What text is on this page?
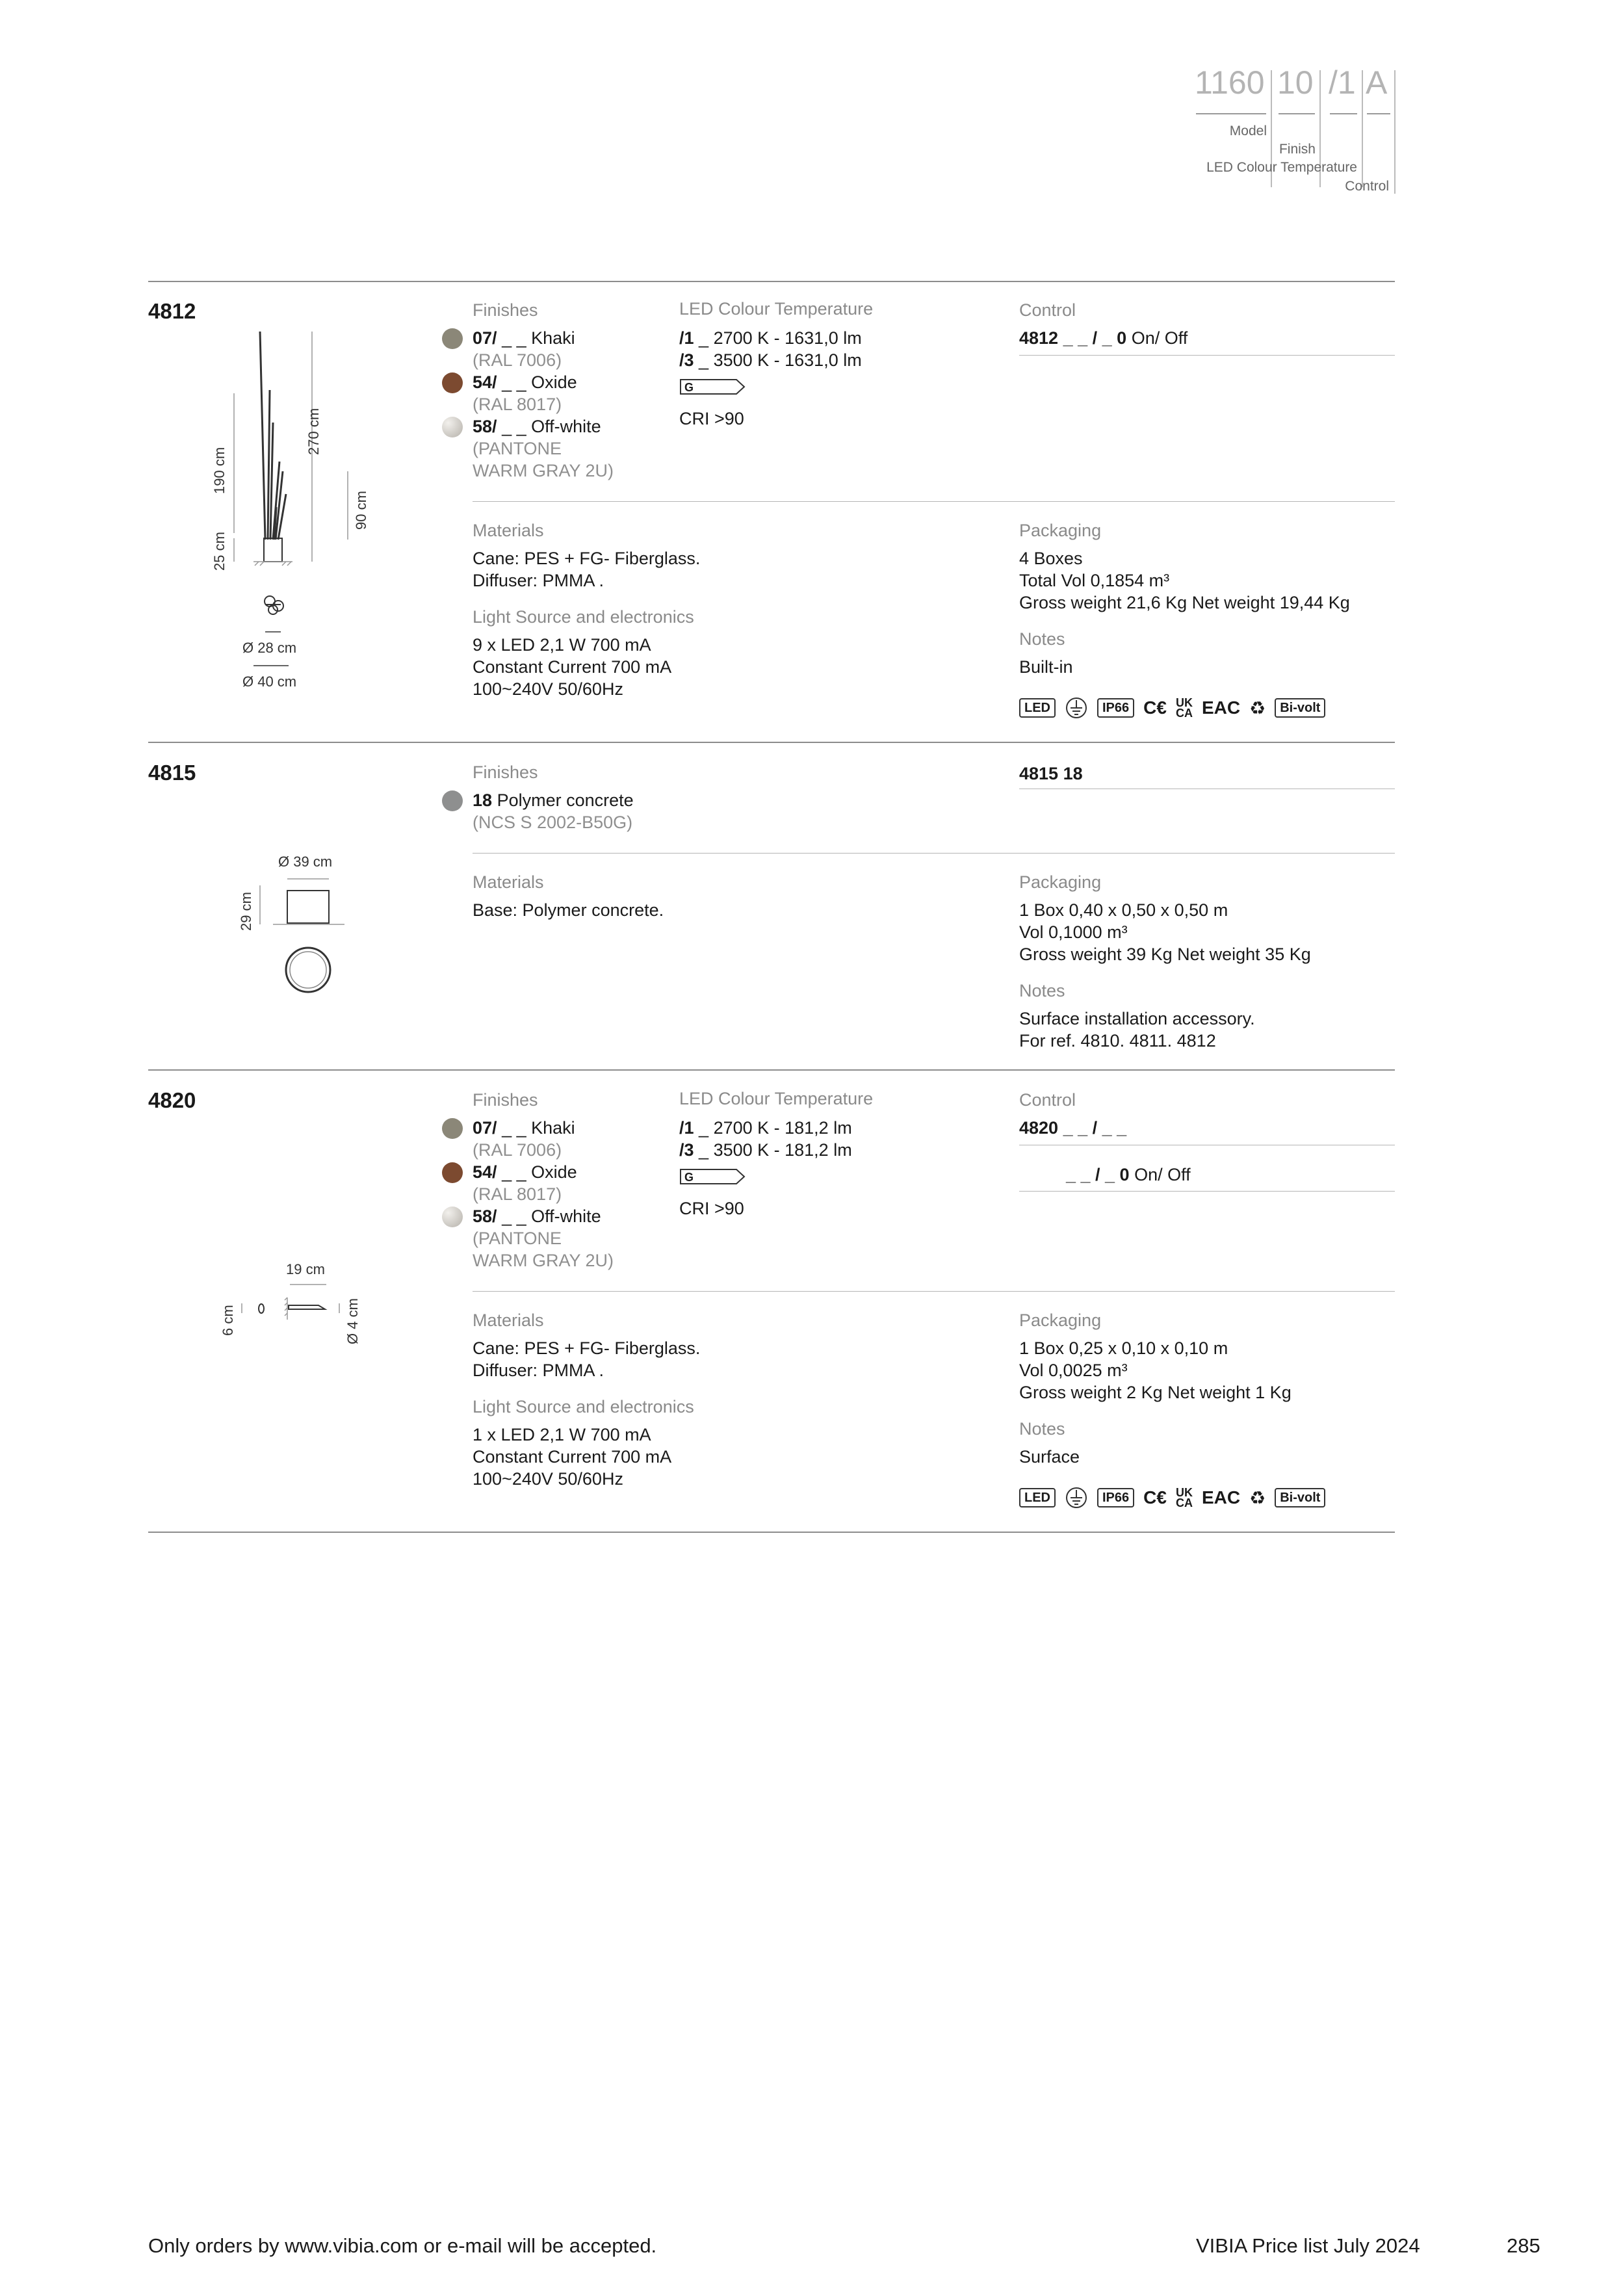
1160 10 /1 A
Model
Finish
LED Colour Temperature
Control
4812
270 cm
190 cm
90 cm
25 cm
Ø 28 cm
Ø 40 cm
Finishes
07/ _ _ Khaki
(RAL 7006)
54/ _ _ Oxide
(RAL 8017)
58/ _ _ Off-white
(PANTONE
WARM GRAY 2U)
LED Colour Temperature
/1 _ 2700 K - 1631,0 lm
/3 _ 3500 K - 1631,0 lm
G
CRI >90
Control
4812 _ _ / _ 0 On/ Off
Materials
Cane: PES + FG- Fiberglass.
Diffuser: PMMA .
Light Source and electronics
9 x LED 2,1 W 700 mA
Constant Current 700 mA
100~240V 50/60Hz
Packaging
4 Boxes
Total Vol 0,1854 m³
Gross weight 21,6 Kg Net weight 19,44 Kg
Notes
Built-in
LED	IP66 C€ UK
CA EAC ♻	Bi-volt
4815
Ø 39 cm
29 cm
Finishes
18 Polymer concrete
(NCS S 2002-B50G)
4815 18
Materials
Base: Polymer concrete.
Packaging
1 Box 0,40 x 0,50 x 0,50 m
Vol 0,1000 m³
Gross weight 39 Kg Net weight 35 Kg
Notes
Surface installation accessory.
For ref. 4810. 4811. 4812
4820
19 cm
6 cm	Ø 4 cm
Finishes
07/ _ _ Khaki
(RAL 7006)
54/ _ _ Oxide
(RAL 8017)
58/ _ _ Off-white
(PANTONE
WARM GRAY 2U)
LED Colour Temperature
/1 _ 2700 K - 181,2 lm
/3 _ 3500 K - 181,2 lm
G
CRI >90
Control
4820 _ _ / _ _
_ _ / _ 0 On/ Off
Materials
Cane: PES + FG- Fiberglass.
Diffuser: PMMA .
Light Source and electronics
1 x LED 2,1 W 700 mA
Constant Current 700 mA
100~240V 50/60Hz
Packaging
1 Box 0,25 x 0,10 x 0,10 m
Vol 0,0025 m³
Gross weight 2 Kg Net weight 1 Kg
Notes
Surface
LED	IP66 C€ UK
CA EAC ♻	Bi-volt
Only orders by www.vibia.com or e-mail will be accepted.	VIBIA Price list July 2024	285
